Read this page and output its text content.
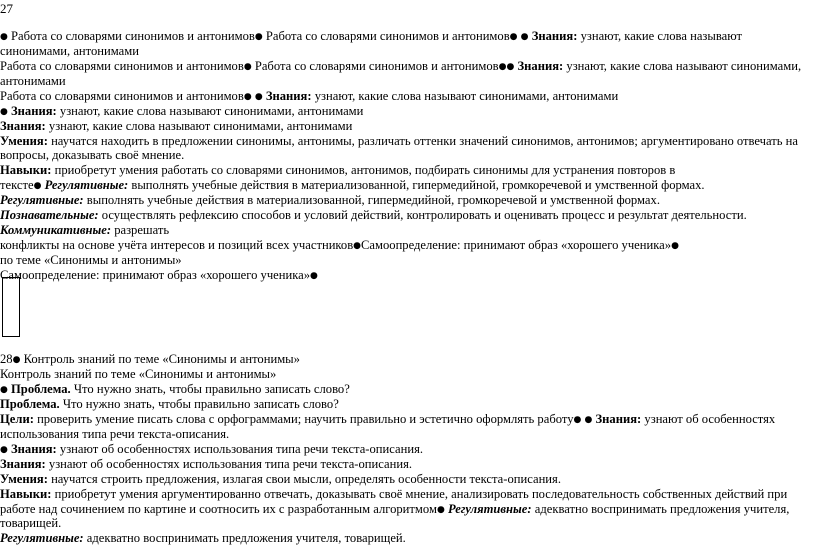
27
● Работа со словарями синонимов и антонимов● Работа со словарями синонимов и антонимов● ● Знания: узнают, какие слова называют
синонимами, антонимами
Работа со словарями синонимов и антонимов● Работа со словарями синонимов и антонимов●● Знания: узнают, какие слова называют синонимами,
антонимами
Работа со словарями синонимов и антонимов● ● Знания: узнают, какие слова называют синонимами, антонимами
● Знания: узнают, какие слова называют синонимами, антонимами
Знания: узнают, какие слова называют синонимами, антонимами
Умения: научатся находить в предложении синонимы, антонимы, различать оттенки значений синонимов, антонимов; аргументировано отвечать на
вопросы, доказывать своё мнение.
Навыки: приобретут умения работать со словарями синонимов, антонимов, подбирать синонимы для устранения повторов в
тексте● Регулятивные: выполнять учебные действия в материализованной, гипермедийной, громкоречевой и умственной формах.
Регулятивные: выполнять учебные действия в материализованной, гипермедийной, громкоречевой и умственной формах.
Познавательные: осуществлять рефлексию способов и условий действий, контролировать и оценивать процесс и результат деятельности.
Коммуникативные: разрешать
конфликты на основе учёта интересов и позиций всех участников●Самоопределение: принимают образ «хорошего ученика»●
по теме «Синонимы и антонимы»
Самоопределение: принимают образ «хорошего ученика»●
28● Контроль знаний по теме «Синонимы и антонимы»
Контроль знаний по теме «Синонимы и антонимы»
● Проблема. Что нужно знать, чтобы правильно записать слово?
Проблема. Что нужно знать, чтобы правильно записать слово?
Цели: проверить умение писать слова с орфограммами; научить правильно и эстетично оформлять работу● ● Знания: узнают об особенностях
использования типа речи текста-описания.
● Знания: узнают об особенностях использования типа речи текста-описания.
Знания: узнают об особенностях использования типа речи текста-описания.
Умения: научатся строить предложения, излагая свои мысли, определять особенности текста-описания.
Навыки: приобретут умения аргументированно отвечать, доказывать своё мнение, анализировать последовательность собственных действий при
работе над сочинением по картине и соотносить их с разработанным алгоритмом● Регулятивные: адекватно воспринимать предложения учителя,
товарищей.
Регулятивные: адекватно воспринимать предложения учителя, товарищей.
